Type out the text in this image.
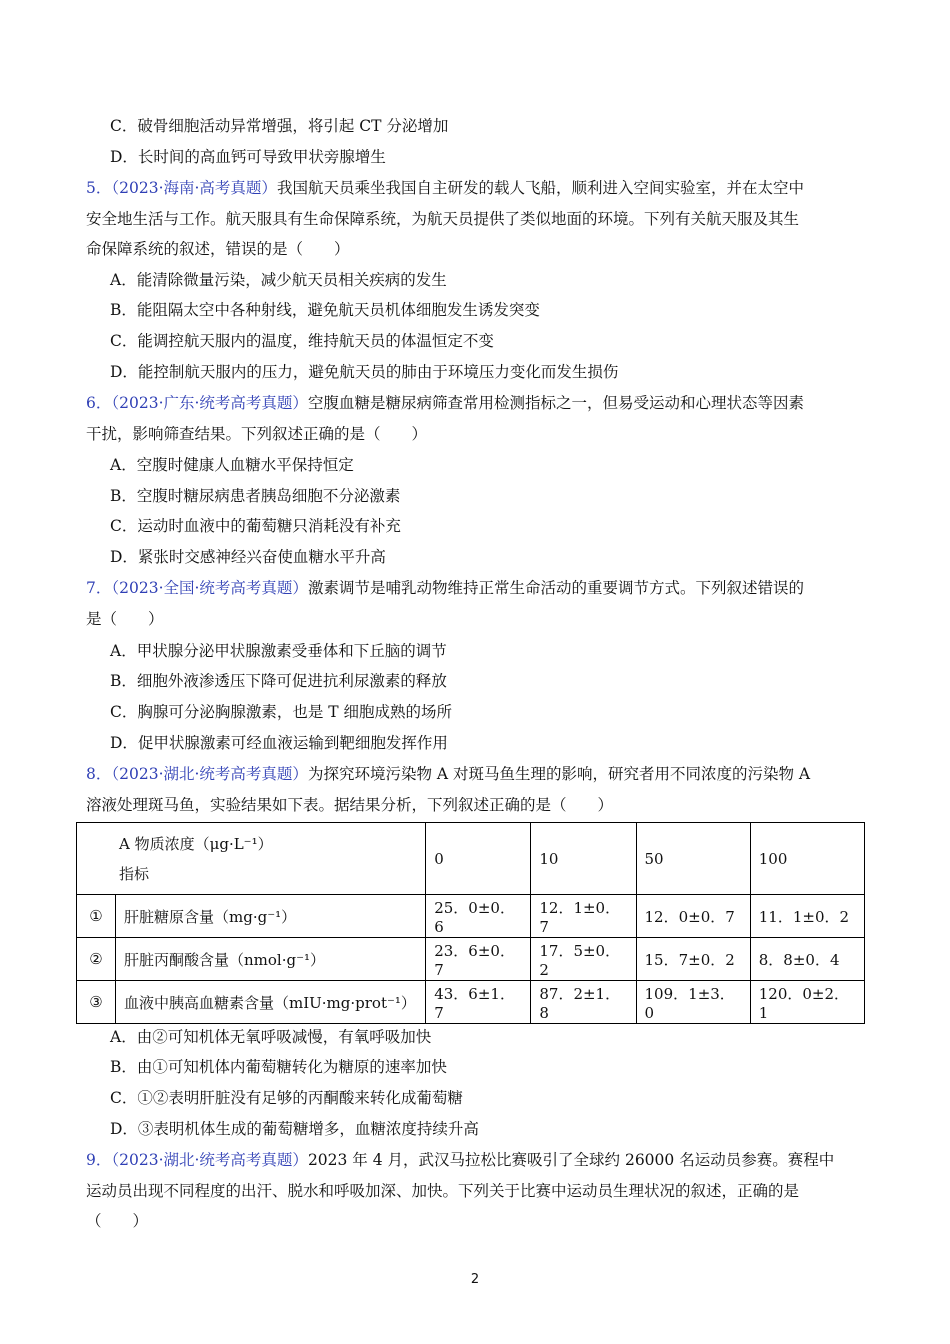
C．破骨细胞活动异常增强，将引起 CT 分泌增加
D．长时间的高血钙可导致甲状旁腺增生
5．（2023·海南·高考真题）我国航天员乘坐我国自主研发的载人飞船，顺利进入空间实验室，并在太空中
安全地生活与工作。航天服具有生命保障系统，为航天员提供了类似地面的环境。下列有关航天服及其生
命保障系统的叙述，错误的是（　　）
A．能清除微量污染，减少航天员相关疾病的发生
B．能阻隔太空中各种射线，避免航天员机体细胞发生诱发突变
C．能调控航天服内的温度，维持航天员的体温恒定不变
D．能控制航天服内的压力，避免航天员的肺由于环境压力变化而发生损伤
6．（2023·广东·统考高考真题）空腹血糖是糖尿病筛查常用检测指标之一，但易受运动和心理状态等因素
干扰，影响筛查结果。下列叙述正确的是（　　）
A．空腹时健康人血糖水平保持恒定
B．空腹时糖尿病患者胰岛细胞不分泌激素
C．运动时血液中的葡萄糖只消耗没有补充
D．紧张时交感神经兴奋使血糖水平升高
7．（2023·全国·统考高考真题）激素调节是哺乳动物维持正常生命活动的重要调节方式。下列叙述错误的
是（　　）
A．甲状腺分泌甲状腺激素受垂体和下丘脑的调节
B．细胞外液渗透压下降可促进抗利尿激素的释放
C．胸腺可分泌胸腺激素，也是 T 细胞成熟的场所
D．促甲状腺激素可经血液运输到靶细胞发挥作用
8．（2023·湖北·统考高考真题）为探究环境污染物 A 对斑马鱼生理的影响，研究者用不同浓度的污染物 A
溶液处理斑马鱼，实验结果如下表。据结果分析，下列叙述正确的是（　　）
A 物质浓度（μg·L⁻¹）
指标		0	10	50	100
①	肝脏糖原含量（mg·g⁻¹）	25．0±0．6	12．1±0．7	12．0±0．7	11．1±0．2
②	肝脏丙酮酸含量（nmol·g⁻¹）	23．6±0．7	17．5±0．2	15．7±0．2	8．8±0．4
③	血液中胰高血糖素含量（mIU·mg·prot⁻¹）	43．6±1．7	87．2±1．8	109．1±3．0	120．0±2．1
A．由②可知机体无氧呼吸减慢，有氧呼吸加快
B．由①可知机体内葡萄糖转化为糖原的速率加快
C．①②表明肝脏没有足够的丙酮酸来转化成葡萄糖
D．③表明机体生成的葡萄糖增多，血糖浓度持续升高
9．（2023·湖北·统考高考真题）2023 年 4 月，武汉马拉松比赛吸引了全球约 26000 名运动员参赛。赛程中
运动员出现不同程度的出汗、脱水和呼吸加深、加快。下列关于比赛中运动员生理状况的叙述，正确的是
（　　）
2
